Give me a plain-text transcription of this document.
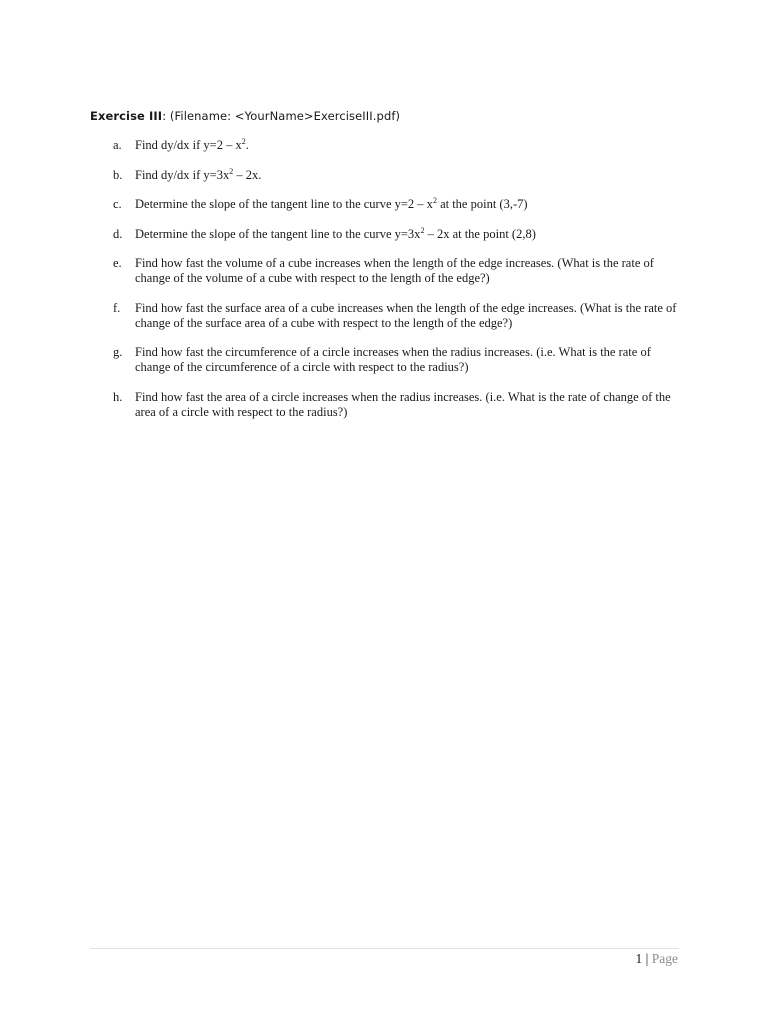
Exercise III: (Filename: <YourName>ExerciseIII.pdf)
a. Find dy/dx if $y=2 - x^2$.
b. Find dy/dx if $y=3x^2 - 2x$.
c. Determine the slope of the tangent line to the curve $y=2 - x^2$ at the point (3,-7)
d. Determine the slope of the tangent line to the curve $y=3x^2 - 2x$ at the point (2,8)
e. Find how fast the volume of a cube increases when the length of the edge increases. (What is the rate of change of the volume of a cube with respect to the length of the edge?)
f. Find how fast the surface area of a cube increases when the length of the edge increases. (What is the rate of change of the surface area of a cube with respect to the length of the edge?)
g. Find how fast the circumference of a circle increases when the radius increases. (i.e. What is the rate of change of the circumference of a circle with respect to the radius?)
h. Find how fast the area of a circle increases when the radius increases. (i.e. What is the rate of change of the area of a circle with respect to the radius?)
1 | Page
